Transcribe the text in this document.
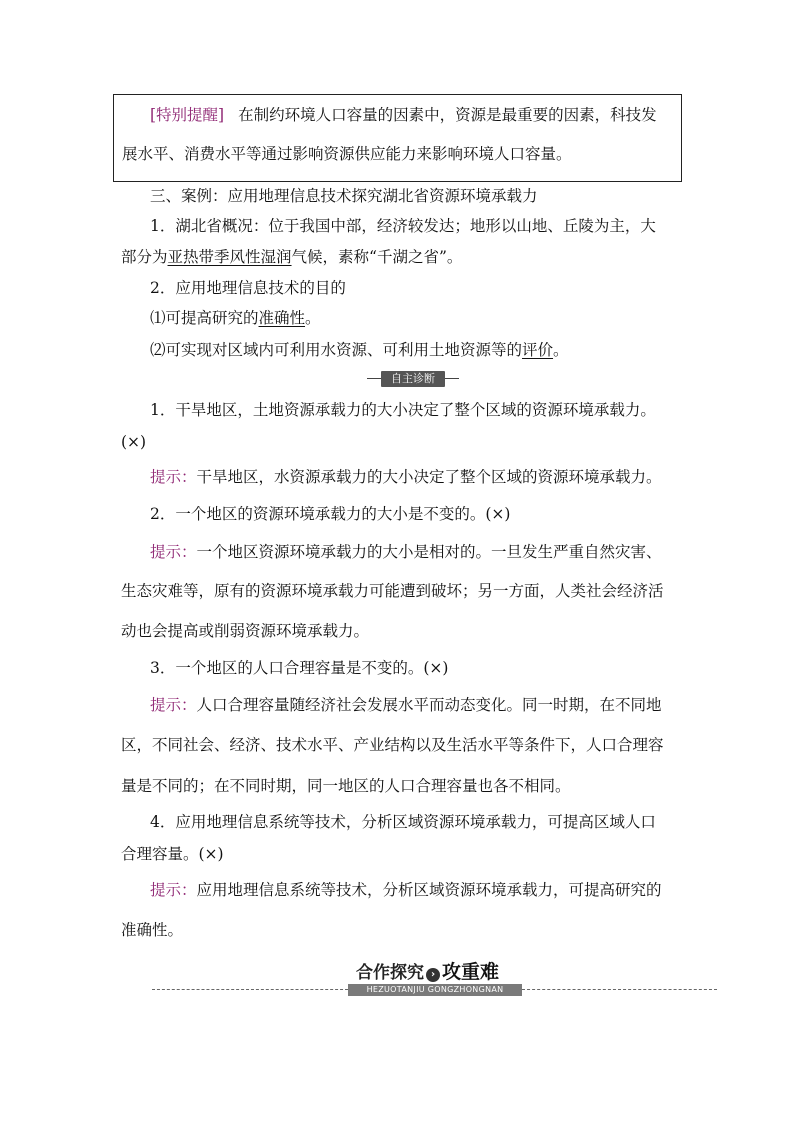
[特别提醒] 在制约环境人口容量的因素中，资源是最重要的因素，科技发
展水平、消费水平等通过影响资源供应能力来影响环境人口容量。
三、案例：应用地理信息技术探究湖北省资源环境承载力
1．湖北省概况：位于我国中部，经济较发达；地形以山地、丘陵为主，大
部分为亚热带季风性湿润气候，素称“千湖之省”。
2．应用地理信息技术的目的
⑴可提高研究的准确性。
⑵可实现对区域内可利用水资源、可利用土地资源等的评价。
自主诊断
1．干旱地区，土地资源承载力的大小决定了整个区域的资源环境承载力。
(×)
提示：干旱地区，水资源承载力的大小决定了整个区域的资源环境承载力。
2．一个地区的资源环境承载力的大小是不变的。(×)
提示：一个地区资源环境承载力的大小是相对的。一旦发生严重自然灾害、
生态灾难等，原有的资源环境承载力可能遭到破坏；另一方面，人类社会经济活
动也会提高或削弱资源环境承载力。
3．一个地区的人口合理容量是不变的。(×)
提示：人口合理容量随经济社会发展水平而动态变化。同一时期，在不同地
区，不同社会、经济、技术水平、产业结构以及生活水平等条件下，人口合理容
量是不同的；在不同时期，同一地区的人口合理容量也各不相同。
4．应用地理信息系统等技术，分析区域资源环境承载力，可提高区域人口
合理容量。(×)
提示：应用地理信息系统等技术，分析区域资源环境承载力，可提高研究的
准确性。
合作探究 › 攻重难
HEZUOTANJIU GONGZHONGNAN
